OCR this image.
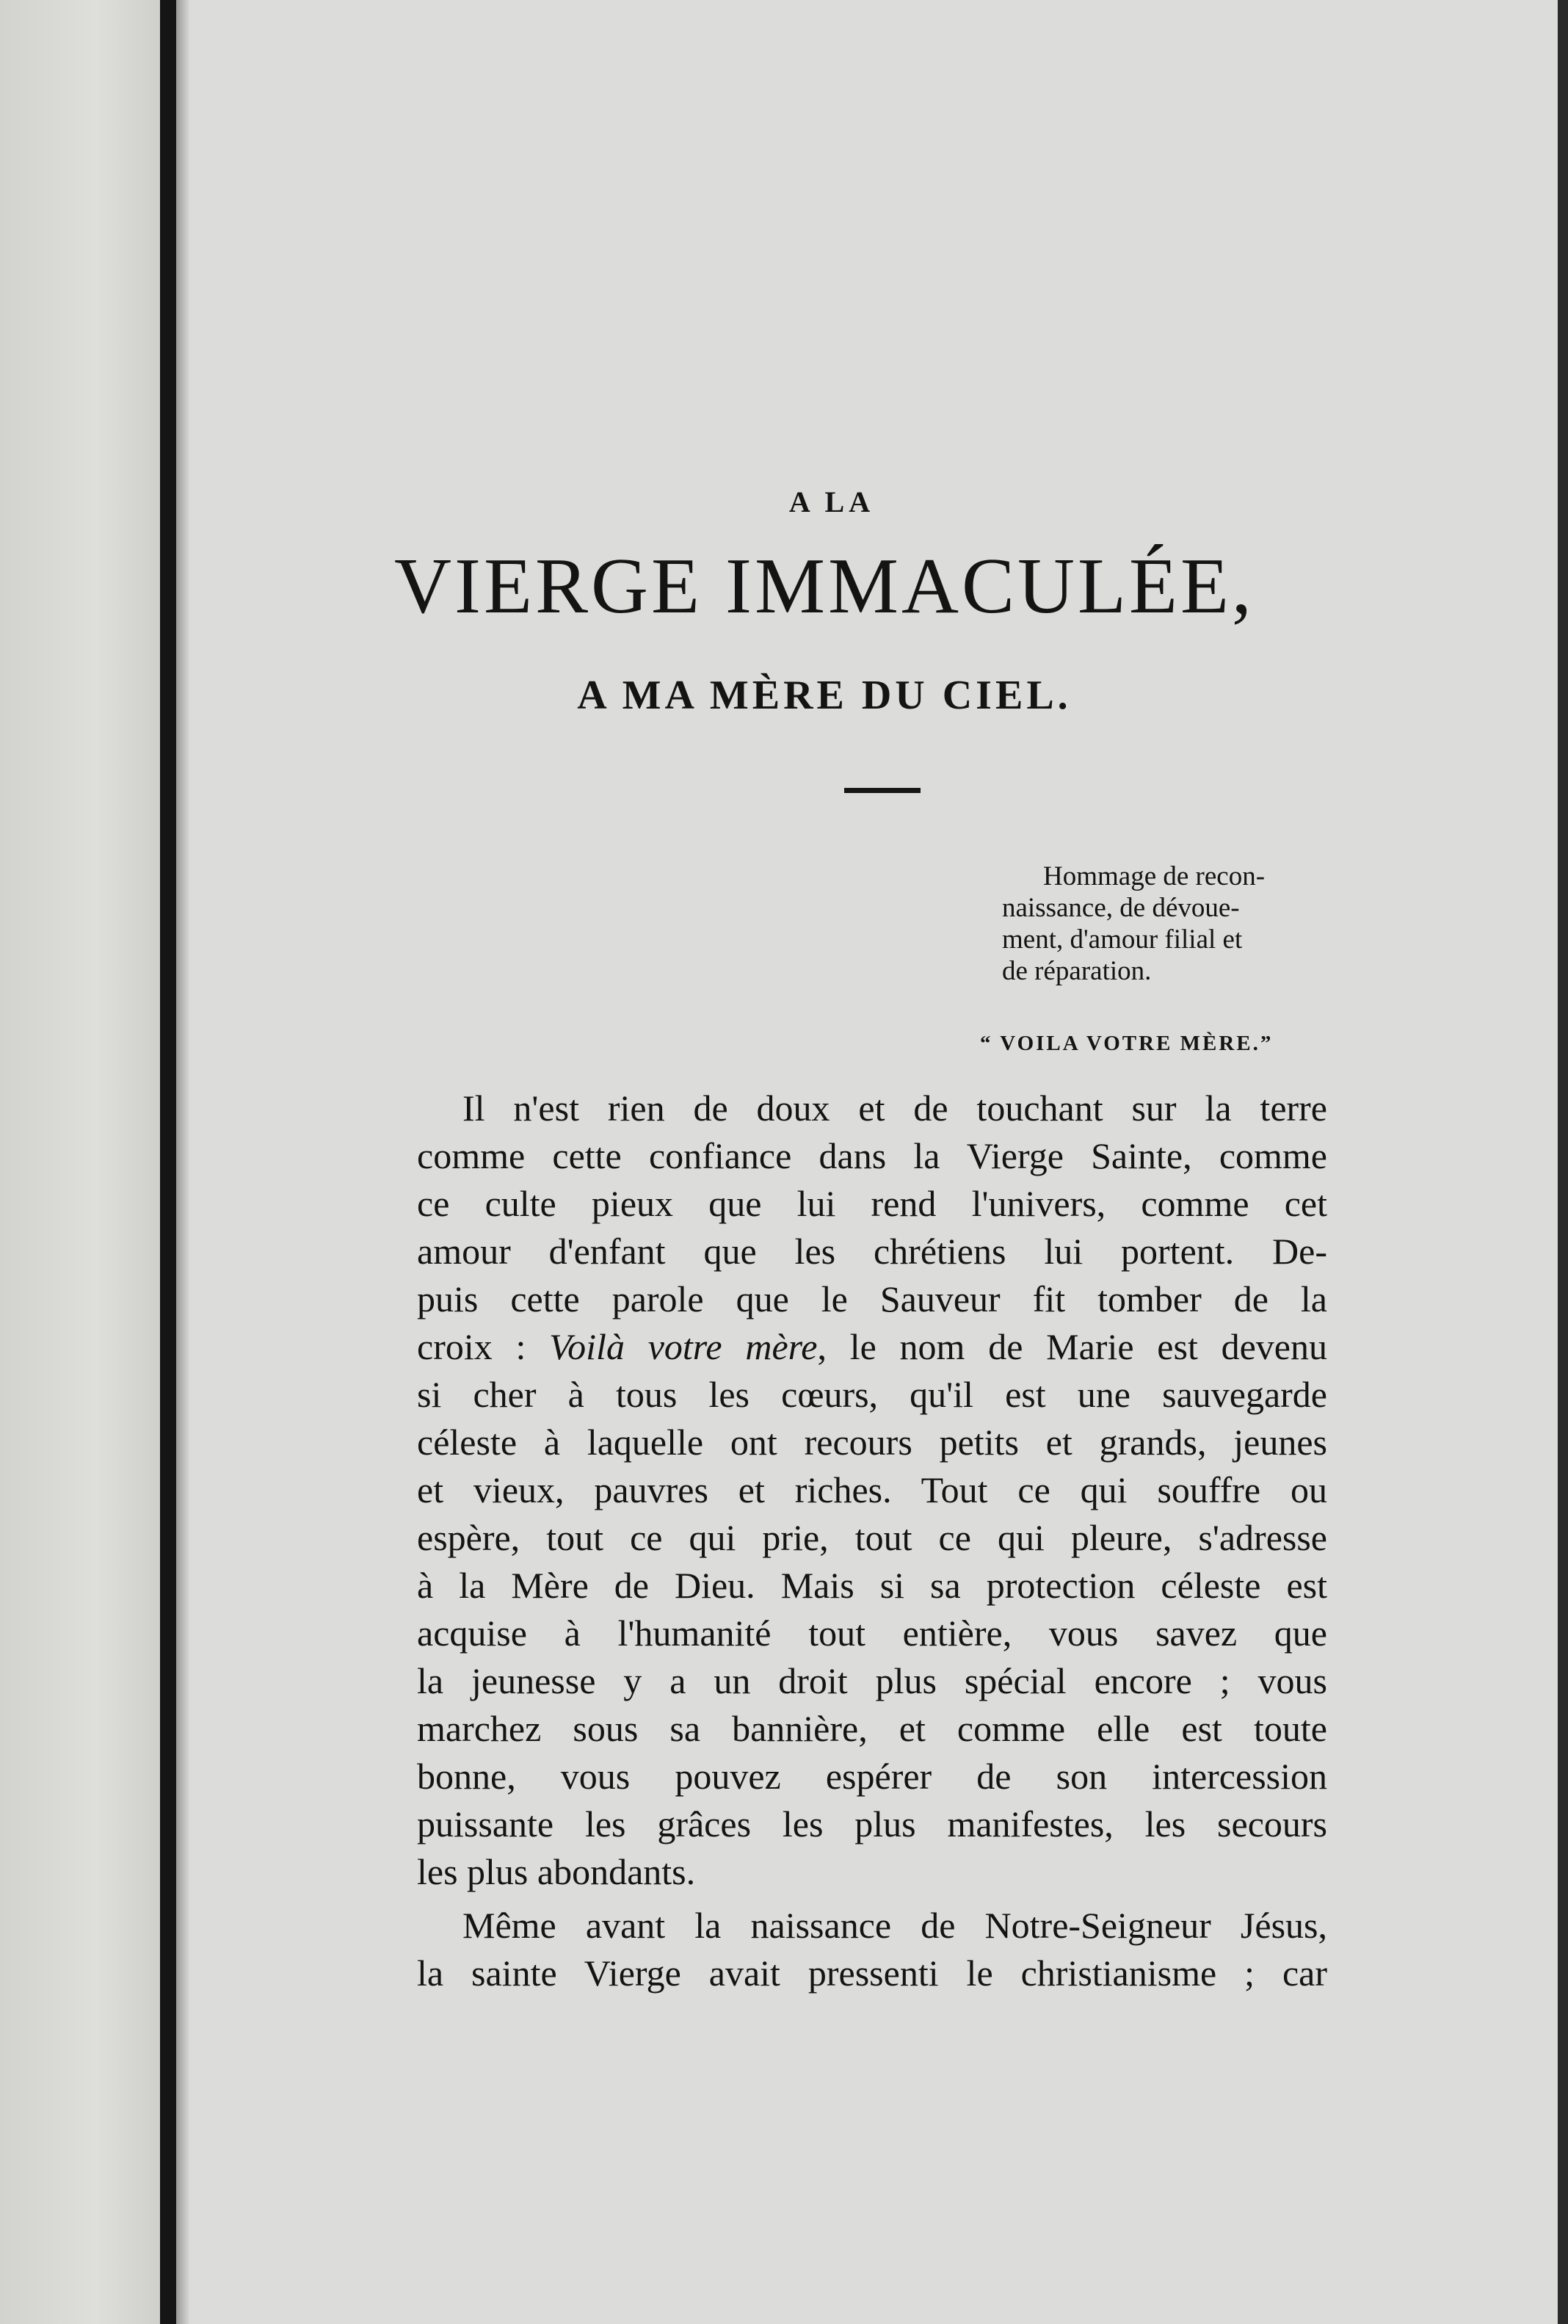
A LA
VIERGE IMMACULÉE,
A MA MÈRE DU CIEL.
Hommage de recon-
naissance, de dévoue-
ment, d'amour filial et
de réparation.
“ VOILA VOTRE MÈRE.”
Il n'est rien de doux et de touchant sur la terre
comme cette confiance dans la Vierge Sainte, comme
ce culte pieux que lui rend l'univers, comme cet
amour d'enfant que les chrétiens lui portent. De-
puis cette parole que le Sauveur fit tomber de la
croix : Voilà votre mère, le nom de Marie est devenu
si cher à tous les cœurs, qu'il est une sauvegarde
céleste à laquelle ont recours petits et grands, jeunes
et vieux, pauvres et riches. Tout ce qui souffre ou
espère, tout ce qui prie, tout ce qui pleure, s'adresse
à la Mère de Dieu. Mais si sa protection céleste est
acquise à l'humanité tout entière, vous savez que
la jeunesse y a un droit plus spécial encore ; vous
marchez sous sa bannière, et comme elle est toute
bonne, vous pouvez espérer de son intercession
puissante les grâces les plus manifestes, les secours
les plus abondants.
Même avant la naissance de Notre-Seigneur Jésus,
la sainte Vierge avait pressenti le christianisme ; car
